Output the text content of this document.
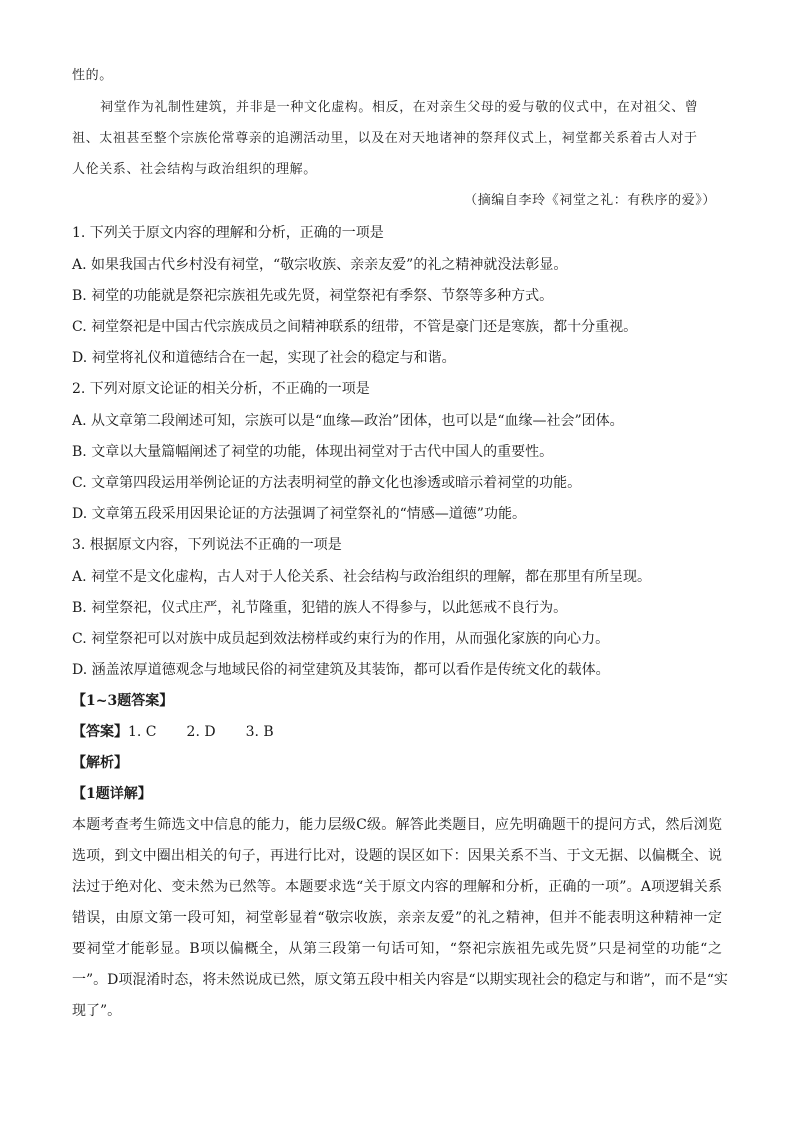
性的。
祠堂作为礼制性建筑，并非是一种文化虚构。相反，在对亲生父母的爱与敬的仪式中，在对祖父、曾
祖、太祖甚至整个宗族伦常尊亲的追溯活动里，以及在对天地诸神的祭拜仪式上，祠堂都关系着古人对于
人伦关系、社会结构与政治组织的理解。
（摘编自李玲《祠堂之礼：有秩序的爱》）
1. 下列关于原文内容的理解和分析，正确的一项是
A. 如果我国古代乡村没有祠堂，“敬宗收族、亲亲友爱”的礼之精神就没法彰显。
B. 祠堂的功能就是祭祀宗族祖先或先贤，祠堂祭祀有季祭、节祭等多种方式。
C. 祠堂祭祀是中国古代宗族成员之间精神联系的纽带，不管是豪门还是寒族，都十分重视。
D. 祠堂将礼仪和道德结合在一起，实现了社会的稳定与和谐。
2. 下列对原文论证的相关分析，不正确的一项是
A. 从文章第二段阐述可知，宗族可以是“血缘—政治”团体，也可以是“血缘—社会”团体。
B. 文章以大量篇幅阐述了祠堂的功能，体现出祠堂对于古代中国人的重要性。
C. 文章第四段运用举例论证的方法表明祠堂的静文化也渗透或暗示着祠堂的功能。
D. 文章第五段采用因果论证的方法强调了祠堂祭礼的“情感—道德”功能。
3. 根据原文内容，下列说法不正确的一项是
A. 祠堂不是文化虚构，古人对于人伦关系、社会结构与政治组织的理解，都在那里有所呈现。
B. 祠堂祭祀，仪式庄严，礼节隆重，犯错的族人不得参与，以此惩戒不良行为。
C. 祠堂祭祀可以对族中成员起到效法榜样或约束行为的作用，从而强化家族的向心力。
D. 涵盖浓厚道德观念与地域民俗的祠堂建筑及其装饰，都可以看作是传统文化的载体。
【1~3题答案】
【答案】1. C 2. D 3. B
【解析】
【1题详解】
本题考查考生筛选文中信息的能力，能力层级C级。解答此类题目，应先明确题干的提问方式，然后浏览
选项，到文中圈出相关的句子，再进行比对，设题的误区如下：因果关系不当、于文无据、以偏概全、说
法过于绝对化、变未然为已然等。本题要求选“关于原文内容的理解和分析，正确的一项”。A项逻辑关系
错误，由原文第一段可知，祠堂彰显着“敬宗收族，亲亲友爱”的礼之精神，但并不能表明这种精神一定
要祠堂才能彰显。B项以偏概全，从第三段第一句话可知，“祭祀宗族祖先或先贤”只是祠堂的功能“之
一”。D项混淆时态，将未然说成已然，原文第五段中相关内容是“以期实现社会的稳定与和谐”，而不是“实
现了”。
